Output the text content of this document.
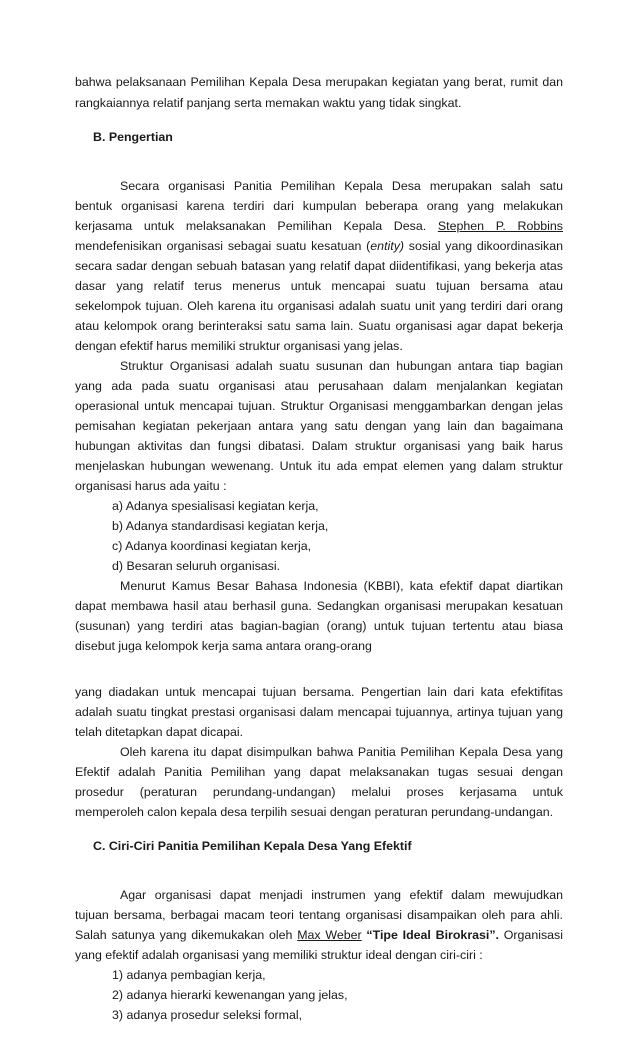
bahwa pelaksanaan Pemilihan Kepala Desa merupakan kegiatan yang berat, rumit dan
rangkaiannya relatif panjang serta memakan waktu yang tidak singkat.
B. Pengertian
Secara organisasi Panitia Pemilihan Kepala Desa merupakan salah satu
bentuk organisasi karena terdiri dari kumpulan beberapa orang yang melakukan
kerjasama untuk melaksanakan Pemilihan Kepala Desa. Stephen P. Robbins
mendefenisikan organisasi sebagai suatu kesatuan (entity) sosial yang dikoordinasikan
secara sadar dengan sebuah batasan yang relatif dapat diidentifikasi, yang bekerja atas
dasar yang relatif terus menerus untuk mencapai suatu tujuan bersama atau
sekelompok tujuan. Oleh karena itu organisasi adalah suatu unit yang terdiri dari orang
atau kelompok orang berinteraksi satu sama lain. Suatu organisasi agar dapat bekerja
dengan efektif harus memiliki struktur organisasi yang jelas.
Struktur Organisasi adalah suatu susunan dan hubungan antara tiap bagian
yang ada pada suatu organisasi atau perusahaan dalam menjalankan kegiatan
operasional untuk mencapai tujuan. Struktur Organisasi menggambarkan dengan jelas
pemisahan kegiatan pekerjaan antara yang satu dengan yang lain dan bagaimana
hubungan aktivitas dan fungsi dibatasi. Dalam struktur organisasi yang baik harus
menjelaskan hubungan wewenang. Untuk itu ada empat elemen yang dalam struktur
organisasi harus ada yaitu :
a) Adanya spesialisasi kegiatan kerja,
b) Adanya standardisasi kegiatan kerja,
c) Adanya koordinasi kegiatan kerja,
d) Besaran seluruh organisasi.
Menurut Kamus Besar Bahasa Indonesia (KBBI), kata efektif dapat diartikan
dapat membawa hasil atau berhasil guna. Sedangkan organisasi merupakan kesatuan
(susunan) yang terdiri atas bagian-bagian (orang) untuk tujuan tertentu atau biasa
disebut juga kelompok kerja sama antara orang-orang
yang diadakan untuk mencapai tujuan bersama. Pengertian lain dari kata efektifitas
adalah suatu tingkat prestasi organisasi dalam mencapai tujuannya, artinya tujuan yang
telah ditetapkan dapat dicapai.
Oleh karena itu dapat disimpulkan bahwa Panitia Pemilihan Kepala Desa yang
Efektif adalah Panitia Pemilihan yang dapat melaksanakan tugas sesuai dengan
prosedur (peraturan perundang-undangan) melalui proses kerjasama untuk
memperoleh calon kepala desa terpilih sesuai dengan peraturan perundang-undangan.
C. Ciri-Ciri Panitia Pemilihan Kepala Desa Yang Efektif
Agar organisasi dapat menjadi instrumen yang efektif dalam mewujudkan
tujuan bersama, berbagai macam teori tentang organisasi disampaikan oleh para ahli.
Salah satunya yang dikemukakan oleh Max Weber “Tipe Ideal Birokrasi”. Organisasi
yang efektif adalah organisasi yang memiliki struktur ideal dengan ciri-ciri :
1) adanya pembagian kerja,
2) adanya hierarki kewenangan yang jelas,
3) adanya prosedur seleksi formal,
